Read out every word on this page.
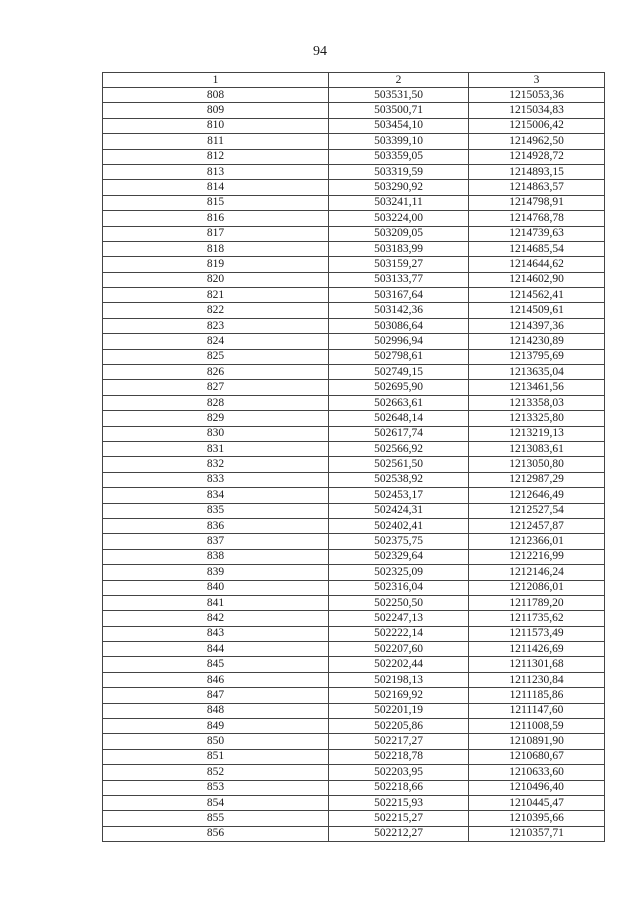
94
1	2	3
808	503531,50	1215053,36
809	503500,71	1215034,83
810	503454,10	1215006,42
811	503399,10	1214962,50
812	503359,05	1214928,72
813	503319,59	1214893,15
814	503290,92	1214863,57
815	503241,11	1214798,91
816	503224,00	1214768,78
817	503209,05	1214739,63
818	503183,99	1214685,54
819	503159,27	1214644,62
820	503133,77	1214602,90
821	503167,64	1214562,41
822	503142,36	1214509,61
823	503086,64	1214397,36
824	502996,94	1214230,89
825	502798,61	1213795,69
826	502749,15	1213635,04
827	502695,90	1213461,56
828	502663,61	1213358,03
829	502648,14	1213325,80
830	502617,74	1213219,13
831	502566,92	1213083,61
832	502561,50	1213050,80
833	502538,92	1212987,29
834	502453,17	1212646,49
835	502424,31	1212527,54
836	502402,41	1212457,87
837	502375,75	1212366,01
838	502329,64	1212216,99
839	502325,09	1212146,24
840	502316,04	1212086,01
841	502250,50	1211789,20
842	502247,13	1211735,62
843	502222,14	1211573,49
844	502207,60	1211426,69
845	502202,44	1211301,68
846	502198,13	1211230,84
847	502169,92	1211185,86
848	502201,19	1211147,60
849	502205,86	1211008,59
850	502217,27	1210891,90
851	502218,78	1210680,67
852	502203,95	1210633,60
853	502218,66	1210496,40
854	502215,93	1210445,47
855	502215,27	1210395,66
856	502212,27	1210357,71
